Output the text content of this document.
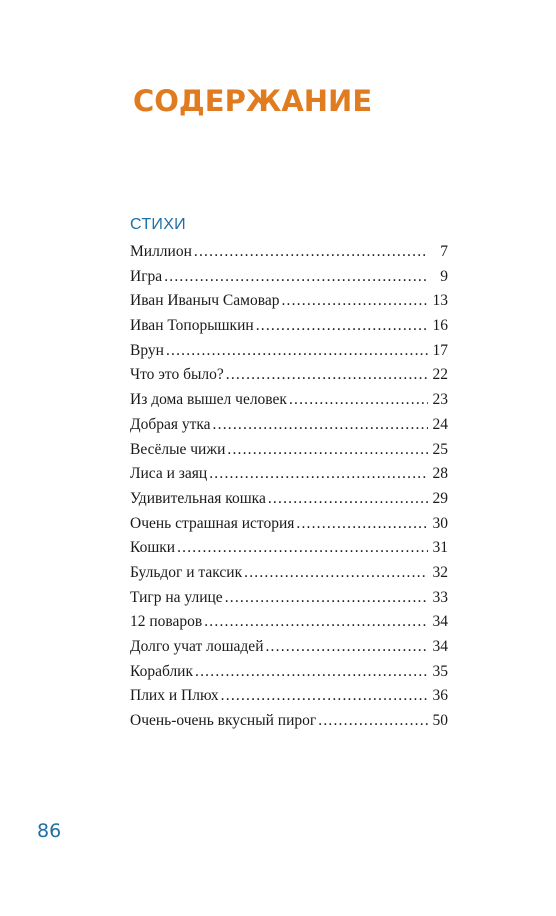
СОДЕРЖАНИЕ
СТИХИ
Миллион .....	7
Игра .....	9
Иван Иваныч Самовар .....	13
Иван Топорышкин .....	16
Врун .....	17
Что это было? .....	22
Из дома вышел человек .....	23
Добрая утка .....	24
Весёлые чижи .....	25
Лиса и заяц .....	28
Удивительная кошка .....	29
Очень страшная история .....	30
Кошки .....	31
Бульдог и таксик .....	32
Тигр на улице .....	33
12 поваров .....	34
Долго учат лошадей .....	34
Кораблик .....	35
Плих и Плюх .....	36
Очень-очень вкусный пирог .....	50
86
